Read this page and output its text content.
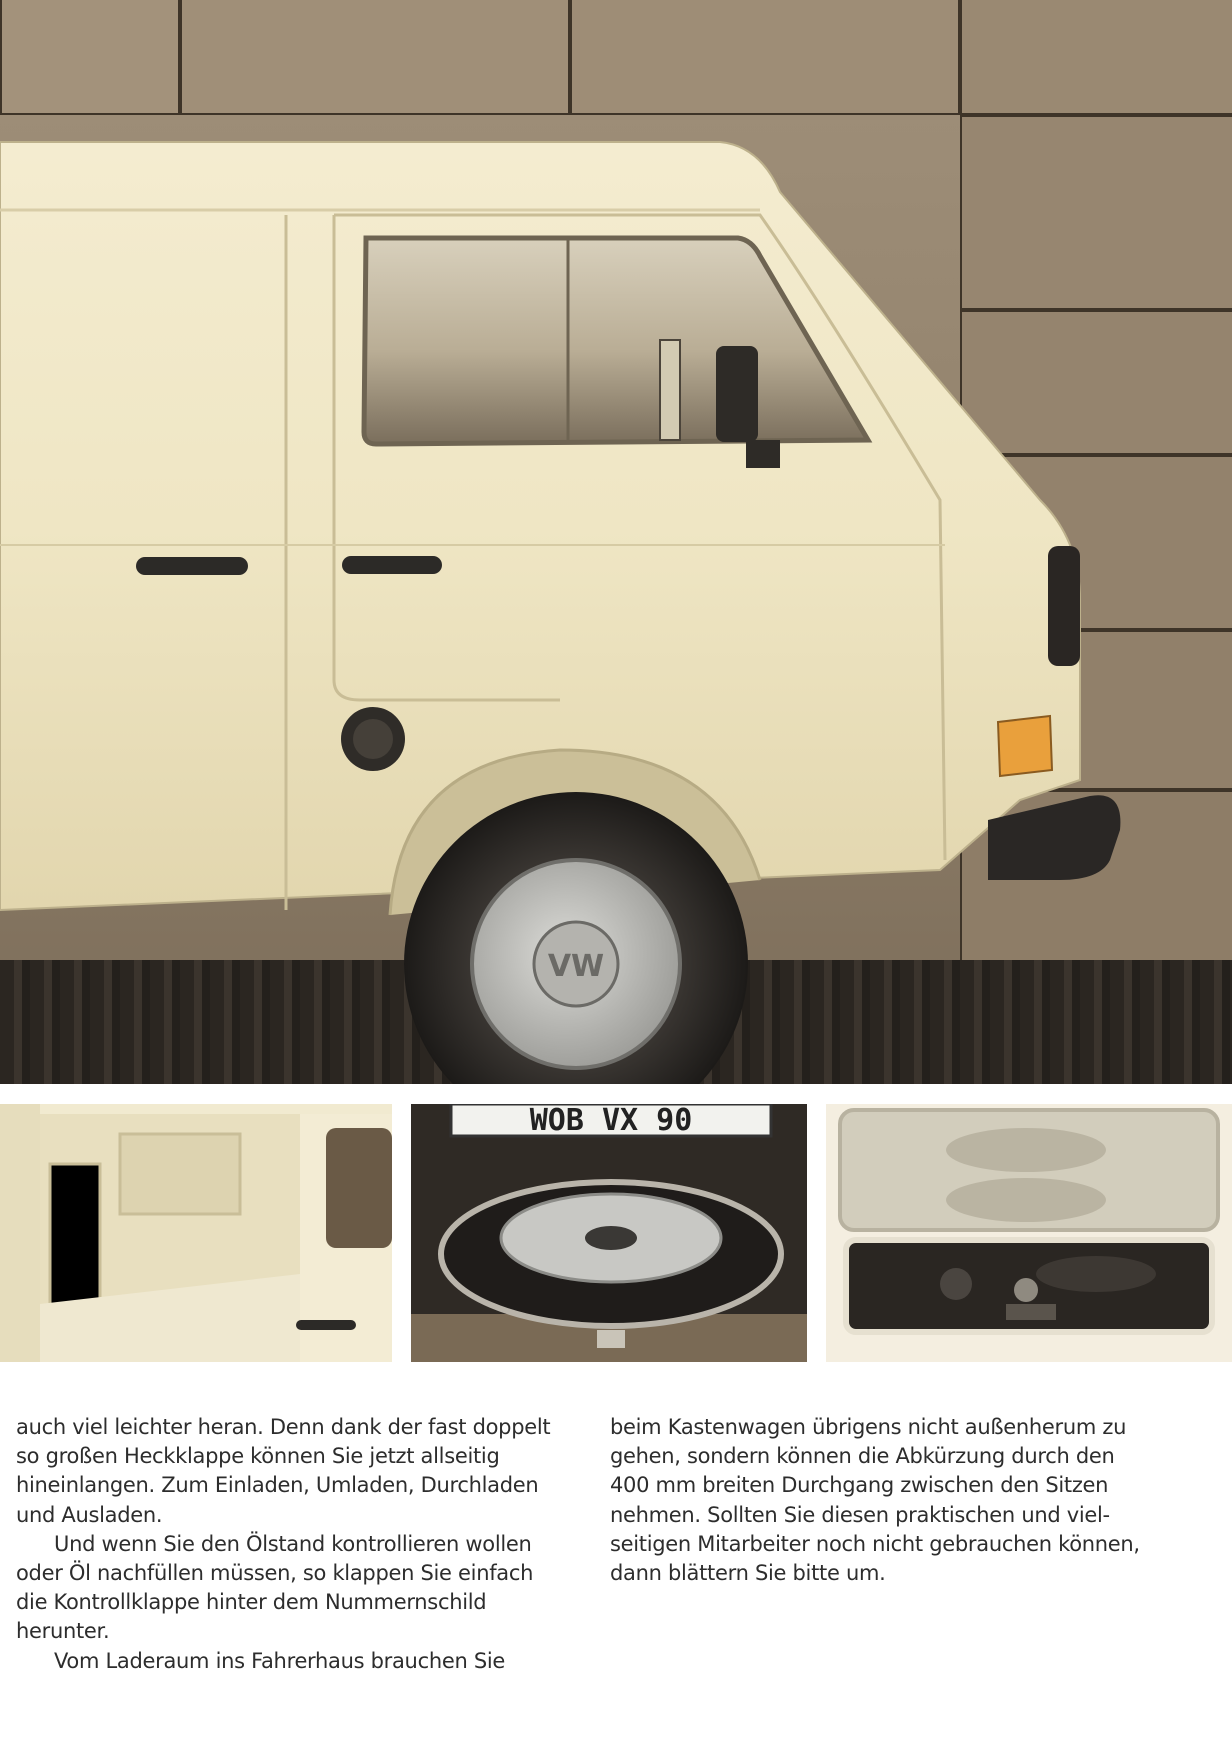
VW
WOB VX 90

auch viel leichter heran. Denn dank der fast doppelt
so großen Heckklappe können Sie jetzt allseitig
hineinlangen. Zum Einladen, Umladen, Durchladen
und Ausladen.

Und wenn Sie den Ölstand kontrollieren wollen
oder Öl nachfüllen müssen, so klappen Sie einfach
die Kontrollklappe hinter dem Nummernschild
herunter.

Vom Laderaum ins Fahrerhaus brauchen Sie

beim Kastenwagen übrigens nicht außenherum zu
gehen, sondern können die Abkürzung durch den
400 mm breiten Durchgang zwischen den Sitzen
nehmen. Sollten Sie diesen praktischen und viel-
seitigen Mitarbeiter noch nicht gebrauchen können,
dann blättern Sie bitte um.
